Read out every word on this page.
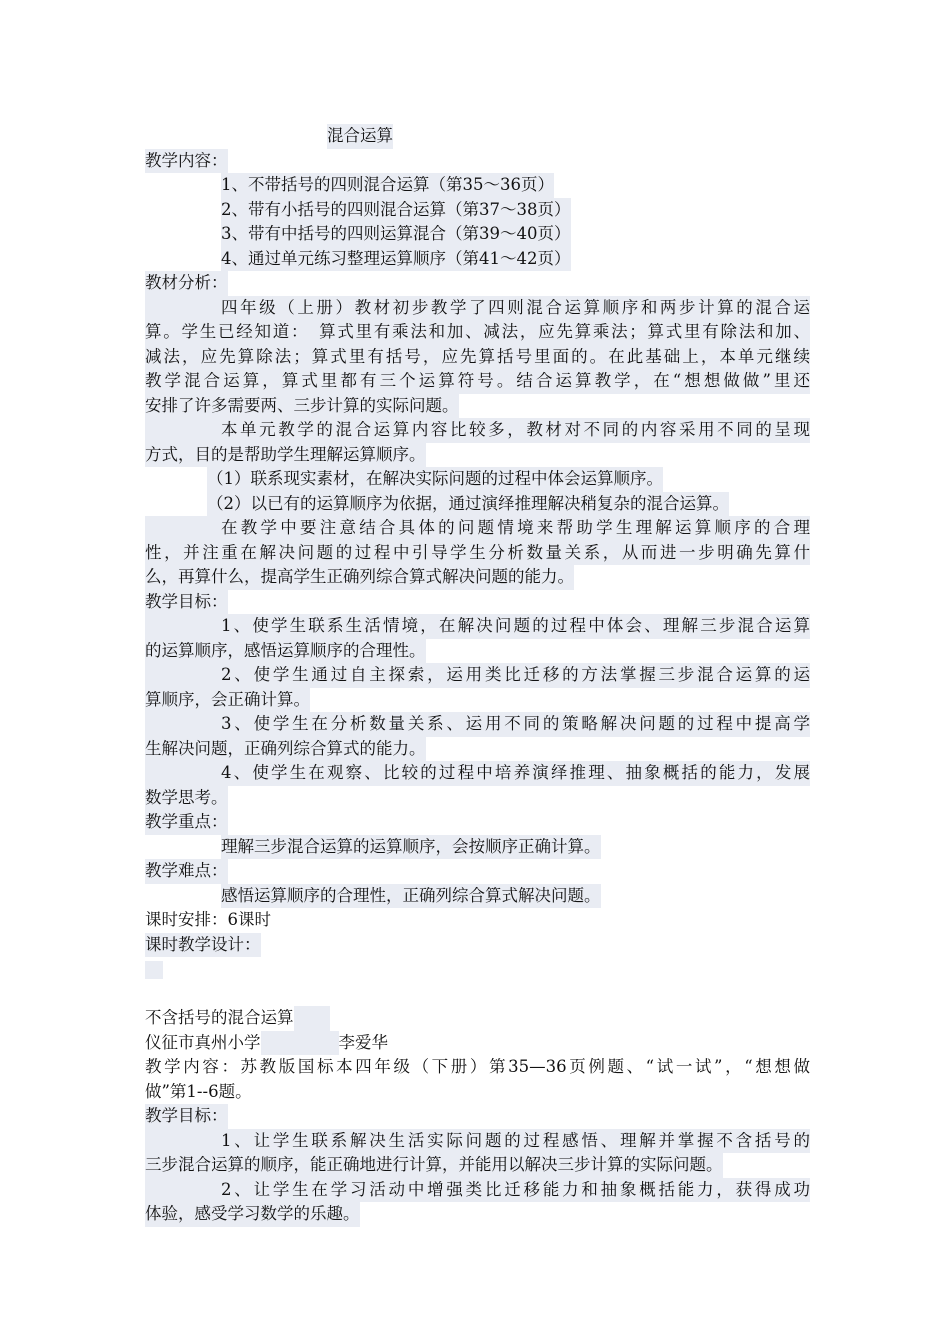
混合运算
教学内容：
1、不带括号的四则混合运算（第35～36页）
2、带有小括号的四则混合运算（第37～38页）
3、带有中括号的四则运算混合（第39～40页）
4、通过单元练习整理运算顺序（第41～42页）
教材分析：
四年级（上册）教材初步教学了四则混合运算顺序和两步计算的混合运
算。学生已经知道：　算式里有乘法和加、减法，应先算乘法；算式里有除法和加、
减法，应先算除法；算式里有括号，应先算括号里面的。在此基础上，本单元继续
教学混合运算，算式里都有三个运算符号。结合运算教学，在“想想做做”里还
安排了许多需要两、三步计算的实际问题。
本单元教学的混合运算内容比较多，教材对不同的内容采用不同的呈现
方式，目的是帮助学生理解运算顺序。
（1）联系现实素材，在解决实际问题的过程中体会运算顺序。
（2）以已有的运算顺序为依据，通过演绎推理解决稍复杂的混合运算。
在教学中要注意结合具体的问题情境来帮助学生理解运算顺序的合理
性，并注重在解决问题的过程中引导学生分析数量关系，从而进一步明确先算什
么，再算什么，提高学生正确列综合算式解决问题的能力。
教学目标：
1、使学生联系生活情境，在解决问题的过程中体会、理解三步混合运算
的运算顺序，感悟运算顺序的合理性。
2、使学生通过自主探索，运用类比迁移的方法掌握三步混合运算的运
算顺序，会正确计算。
3、使学生在分析数量关系、运用不同的策略解决问题的过程中提高学
生解决问题，正确列综合算式的能力。
4、使学生在观察、比较的过程中培养演绎推理、抽象概括的能力，发展
数学思考。
教学重点：
理解三步混合运算的运算顺序，会按顺序正确计算。
教学难点：
感悟运算顺序的合理性，正确列综合算式解决问题。
课时安排：6课时
课时教学设计：
不含括号的混合运算
仪征市真州小学	李爱华
教学内容：苏教版国标本四年级（下册）第35—36页例题、“试一试”，“想想做
做”第1--6题。
教学目标：
1、让学生联系解决生活实际问题的过程感悟、理解并掌握不含括号的
三步混合运算的顺序，能正确地进行计算，并能用以解决三步计算的实际问题。
2、让学生在学习活动中增强类比迁移能力和抽象概括能力，获得成功
体验，感受学习数学的乐趣。
